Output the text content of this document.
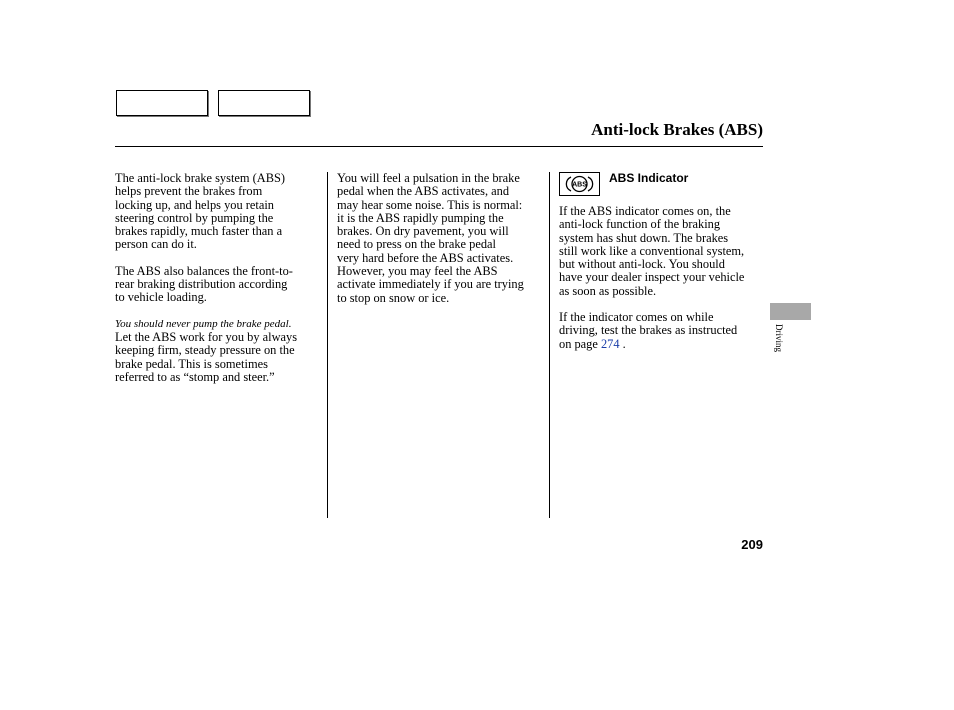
Anti-lock Brakes (ABS)

The anti-lock brake system (ABS)
helps prevent the brakes from
locking up, and helps you retain
steering control by pumping the
brakes rapidly, much faster than a
person can do it.

The ABS also balances the front-to-
rear braking distribution according
to vehicle loading.

You should never pump the brake pedal.

Let the ABS work for you by always
keeping firm, steady pressure on the
brake pedal. This is sometimes
referred to as “stomp and steer.”

You will feel a pulsation in the brake
pedal when the ABS activates, and
may hear some noise. This is normal:
it is the ABS rapidly pumping the
brakes. On dry pavement, you will
need to press on the brake pedal
very hard before the ABS activates.
However, you may feel the ABS
activate immediately if you are trying
to stop on snow or ice.

ABS
ABS Indicator

If the ABS indicator comes on, the
anti-lock function of the braking
system has shut down. The brakes
still work like a conventional system,
but without anti-lock. You should
have your dealer inspect your vehicle
as soon as possible.

If the indicator comes on while
driving, test the brakes as instructed
on page 274 .	Driving
209
